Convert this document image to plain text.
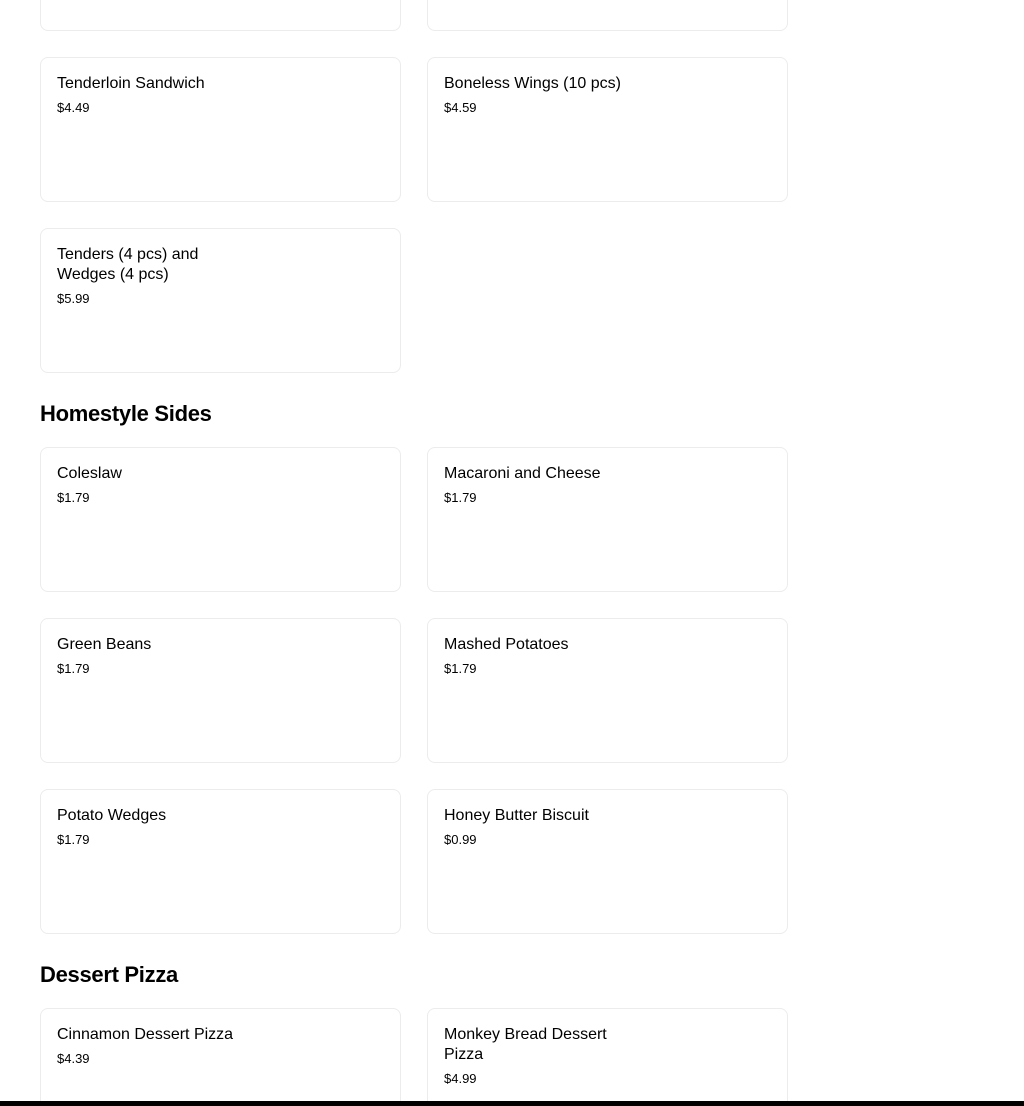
Tenderloin Sandwich
$4.49
Boneless Wings (10 pcs)
$4.59
Tenders (4 pcs) and Wedges (4 pcs)
$5.99
Homestyle Sides
Coleslaw
$1.79
Macaroni and Cheese
$1.79
Green Beans
$1.79
Mashed Potatoes
$1.79
Potato Wedges
$1.79
Honey Butter Biscuit
$0.99
Dessert Pizza
Cinnamon Dessert Pizza
$4.39
Monkey Bread Dessert Pizza
$4.99
